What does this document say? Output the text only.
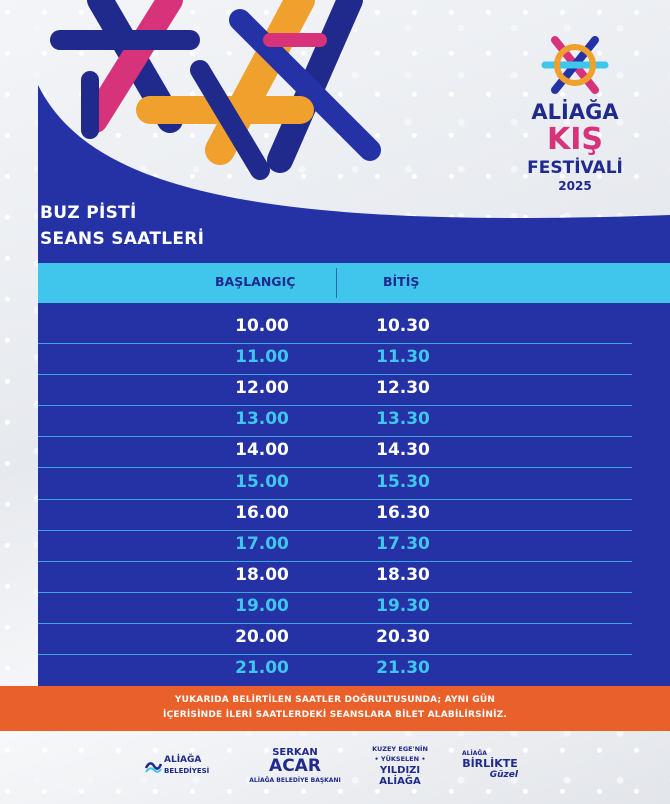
ALİAĞA

KIŞ

FESTİVALİ

2025

BUZ PİSTİ
SEANS SAATLERİ
BAŞLANGIÇ	BİTİŞ
10.00	10.30
11.00	11.30
12.00	12.30
13.00	13.30
14.00	14.30
15.00	15.30
16.00	16.30
17.00	17.30
18.00	18.30
19.00	19.30
20.00	20.30
21.00	21.30

YUKARIDA BELİRTİLEN SAATLER DOĞRULTUSUNDA; AYNI GÜN

İÇERİSİNDE İLERİ SAATLERDEKİ SEANSLARA BİLET ALABİLİRSİNİZ.

ALİAĞA
BELEDİYESİ
SERKAN
ACAR
ALİAĞA BELEDİYE BAŞKANI
KUZEY EGE'NİN
• YÜKSELEN •
YILDIZI
ALİAĞA
ALİAĞA
BİRLİKTE
Güzel
